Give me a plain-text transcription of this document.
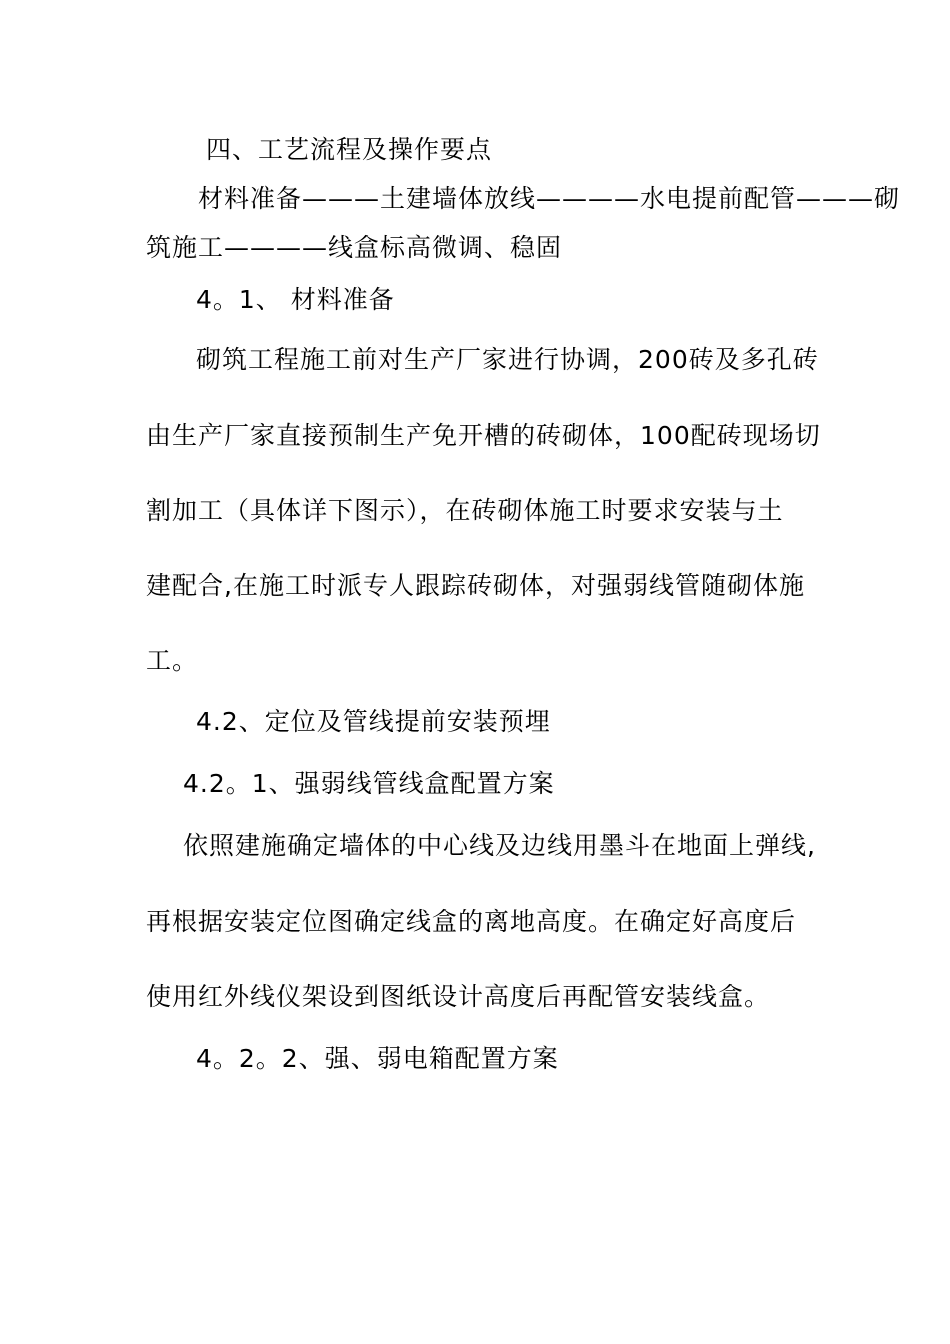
四、工艺流程及操作要点

材料准备———土建墙体放线————水电提前配管———砌

筑施工————线盒标高微调、稳固

4。1、 材料准备

砌筑工程施工前对生产厂家进行协调，200砖及多孔砖

由生产厂家直接预制生产免开槽的砖砌体，100配砖现场切

割加工（具体详下图示），在砖砌体施工时要求安装与土

建配合,在施工时派专人跟踪砖砌体，对强弱线管随砌体施

工。

4.2、定位及管线提前安装预埋

4.2。1、强弱线管线盒配置方案

依照建施确定墙体的中心线及边线用墨斗在地面上弹线,

再根据安装定位图确定线盒的离地高度。在确定好高度后

使用红外线仪架设到图纸设计高度后再配管安装线盒。

4。2。2、强、弱电箱配置方案
